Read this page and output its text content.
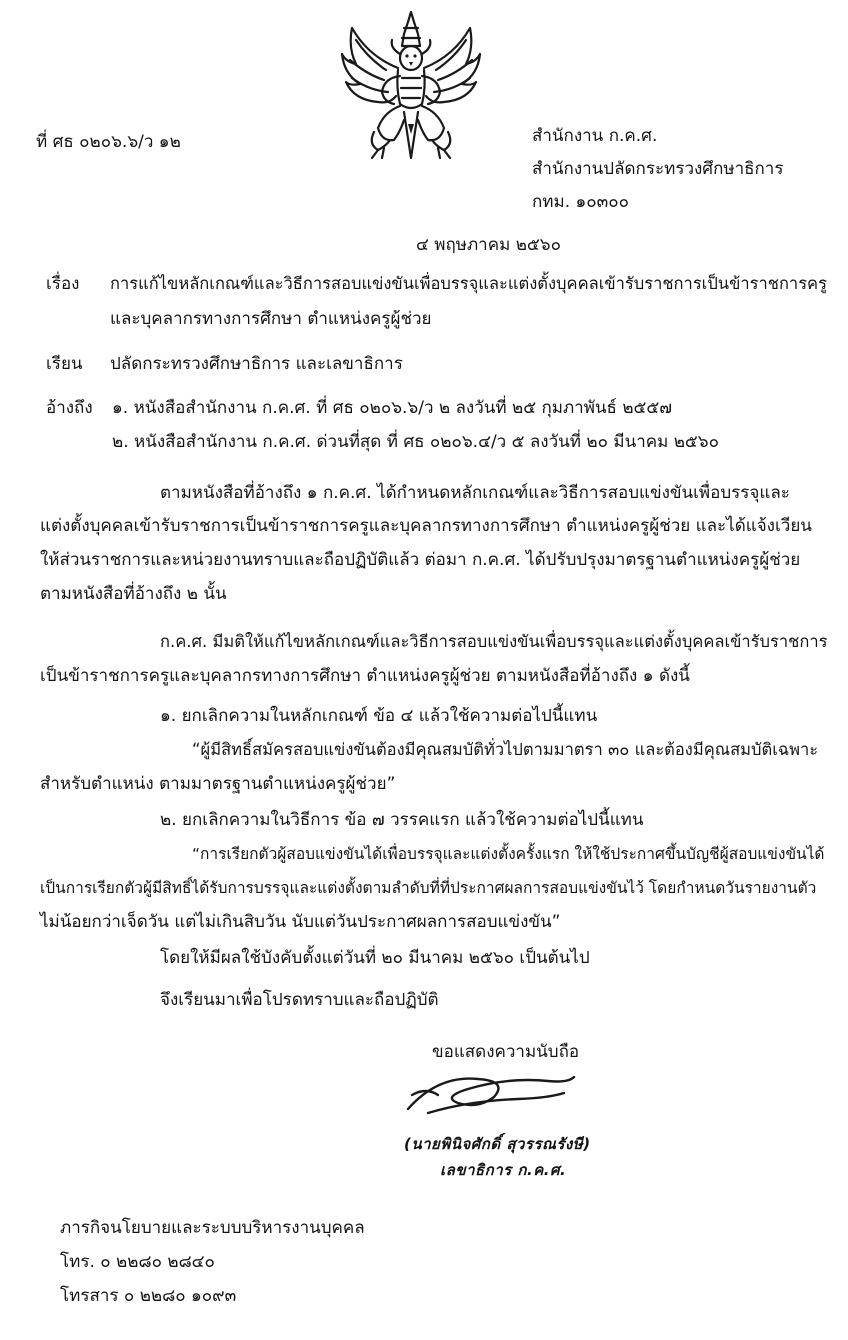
ที่ ศธ ๐๒๐๖.๖/ว ๑๒	สำนักงาน ก.ค.ศ.
สำนักงานปลัดกระทรวงศึกษาธิการ
กทม. ๑๐๓๐๐
๔ พฤษภาคม ๒๕๖๐
เรื่อง การแก้ไขหลักเกณฑ์และวิธีการสอบแข่งขันเพื่อบรรจุและแต่งตั้งบุคคลเข้ารับราชการเป็นข้าราชการครู
และบุคลากรทางการศึกษา ตำแหน่งครูผู้ช่วย
เรียน ปลัดกระทรวงศึกษาธิการ และเลขาธิการ
อ้างถึง ๑. หนังสือสำนักงาน ก.ค.ศ. ที่ ศธ ๐๒๐๖.๖/ว ๒ ลงวันที่ ๒๕ กุมภาพันธ์ ๒๕๕๗
๒. หนังสือสำนักงาน ก.ค.ศ. ด่วนที่สุด ที่ ศธ ๐๒๐๖.๔/ว ๕ ลงวันที่ ๒๐ มีนาคม ๒๕๖๐
ตามหนังสือที่อ้างถึง ๑ ก.ค.ศ. ได้กำหนดหลักเกณฑ์และวิธีการสอบแข่งขันเพื่อบรรจุและ
แต่งตั้งบุคคลเข้ารับราชการเป็นข้าราชการครูและบุคลากรทางการศึกษา ตำแหน่งครูผู้ช่วย และได้แจ้งเวียน
ให้ส่วนราชการและหน่วยงานทราบและถือปฏิบัติแล้ว ต่อมา ก.ค.ศ. ได้ปรับปรุงมาตรฐานตำแหน่งครูผู้ช่วย
ตามหนังสือที่อ้างถึง ๒ นั้น
ก.ค.ศ. มีมติให้แก้ไขหลักเกณฑ์และวิธีการสอบแข่งขันเพื่อบรรจุและแต่งตั้งบุคคลเข้ารับราชการ
เป็นข้าราชการครูและบุคลากรทางการศึกษา ตำแหน่งครูผู้ช่วย ตามหนังสือที่อ้างถึง ๑ ดังนี้
๑. ยกเลิกความในหลักเกณฑ์ ข้อ ๔ แล้วใช้ความต่อไปนี้แทน
“ผู้มีสิทธิ์สมัครสอบแข่งขันต้องมีคุณสมบัติทั่วไปตามมาตรา ๓๐ และต้องมีคุณสมบัติเฉพาะ
สำหรับตำแหน่ง ตามมาตรฐานตำแหน่งครูผู้ช่วย”
๒. ยกเลิกความในวิธีการ ข้อ ๗ วรรคแรก แล้วใช้ความต่อไปนี้แทน
“การเรียกตัวผู้สอบแข่งขันได้เพื่อบรรจุและแต่งตั้งครั้งแรก ให้ใช้ประกาศขึ้นบัญชีผู้สอบแข่งขันได้
เป็นการเรียกตัวผู้มีสิทธิ์ได้รับการบรรจุและแต่งตั้งตามลำดับที่ที่ประกาศผลการสอบแข่งขันไว้ โดยกำหนดวันรายงานตัว
ไม่น้อยกว่าเจ็ดวัน แต่ไม่เกินสิบวัน นับแต่วันประกาศผลการสอบแข่งขัน”
โดยให้มีผลใช้บังคับตั้งแต่วันที่ ๒๐ มีนาคม ๒๕๖๐ เป็นต้นไป
จึงเรียนมาเพื่อโปรดทราบและถือปฏิบัติ
ขอแสดงความนับถือ
(นายพินิจศักดิ์ สุวรรณรังษี)
เลขาธิการ ก.ค.ศ.
ภารกิจนโยบายและระบบบริหารงานบุคคล
โทร. ๐ ๒๒๘๐ ๒๘๔๐
โทรสาร ๐ ๒๒๘๐ ๑๐๙๓
